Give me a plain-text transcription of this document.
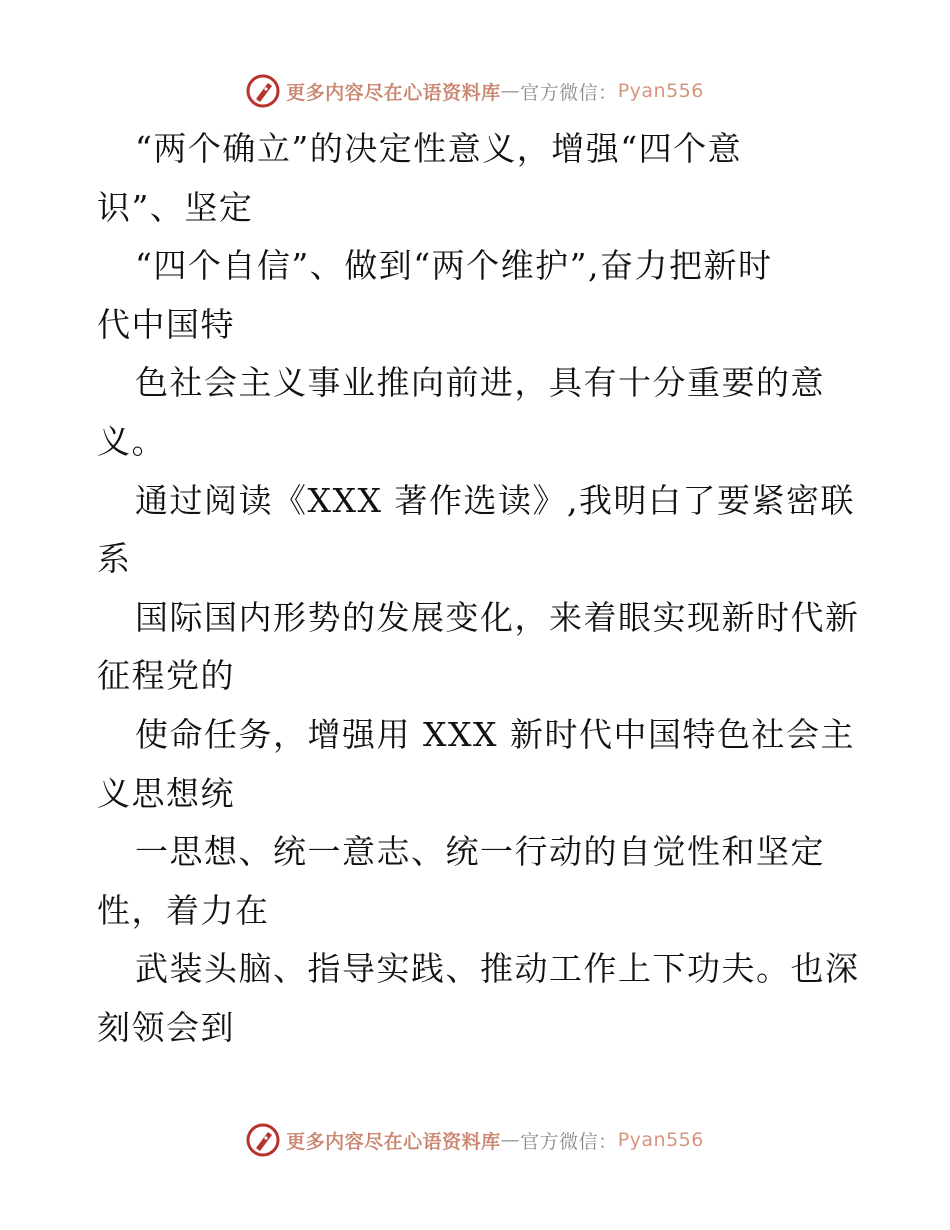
更多内容尽在心语资料库 — 官方微信： Pyan556
“两个确立”的决定性意义，增强“四个意
识”、坚定
“四个自信”、做到“两个维护”,奋力把新时
代中国特
色社会主义事业推向前进，具有十分重要的意
义。
通过阅读《XXX 著作选读》,我明白了要紧密联
系
国际国内形势的发展变化，来着眼实现新时代新
征程党的
使命任务，增强用 XXX 新时代中国特色社会主
义思想统
一思想、统一意志、统一行动的自觉性和坚定
性，着力在
武装头脑、指导实践、推动工作上下功夫。也深
刻领会到
更多内容尽在心语资料库 — 官方微信： Pyan556
